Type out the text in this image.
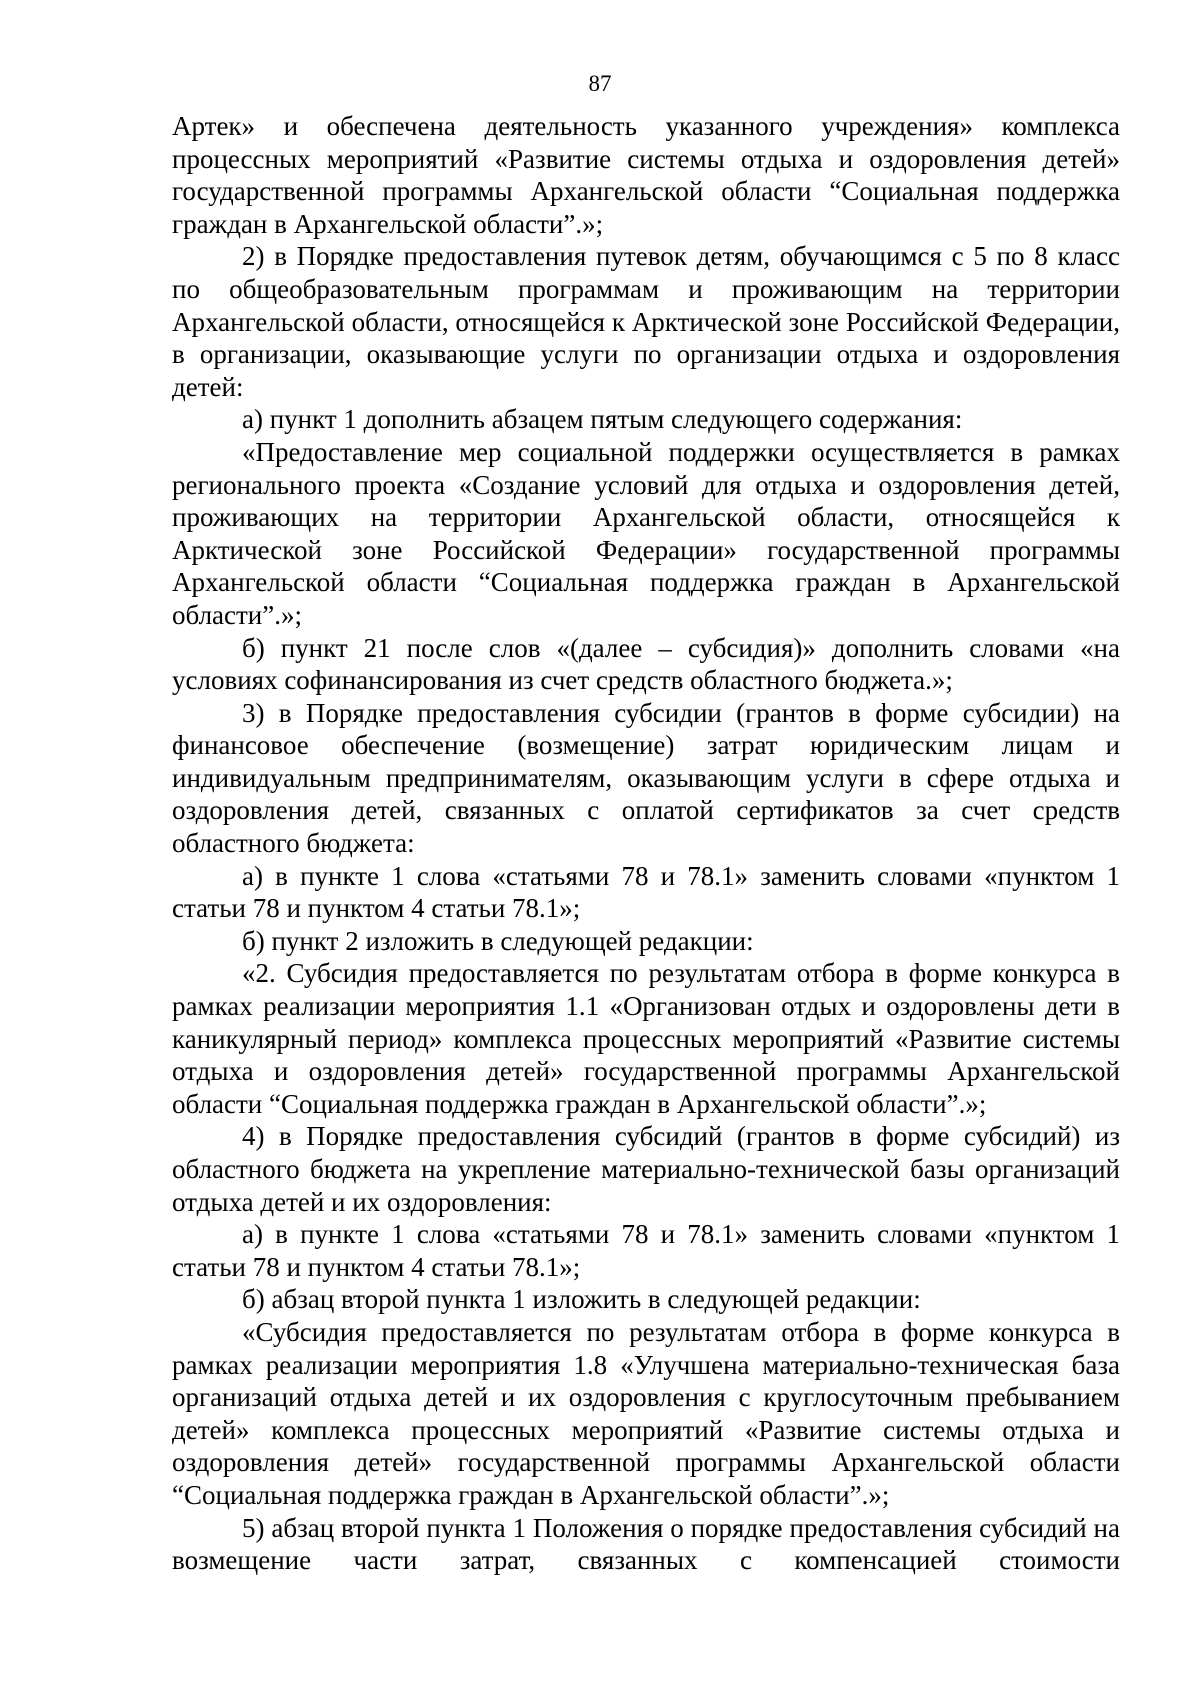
87

Артек» и обеспечена деятельность указанного учреждения» комплекса процессных мероприятий «Развитие системы отдыха и оздоровления детей» государственной программы Архангельской области “Социальная поддержка граждан в Архангельской области”.»;

2) в Порядке предоставления путевок детям, обучающимся с 5 по 8 класс по общеобразовательным программам и проживающим на территории Архангельской области, относящейся к Арктической зоне Российской Федерации, в организации, оказывающие услуги по организации отдыха и оздоровления детей:

а) пункт 1 дополнить абзацем пятым следующего содержания:

«Предоставление мер социальной поддержки осуществляется в рамках регионального проекта «Создание условий для отдыха и оздоровления детей, проживающих на территории Архангельской области, относящейся к Арктической зоне Российской Федерации» государственной программы Архангельской области “Социальная поддержка граждан в Архангельской области”.»;

б) пункт 21 после слов «(далее – субсидия)» дополнить словами «на условиях софинансирования из счет средств областного бюджета.»;

3) в Порядке предоставления субсидии (грантов в форме субсидии) на финансовое обеспечение (возмещение) затрат юридическим лицам и индивидуальным предпринимателям, оказывающим услуги в сфере отдыха и оздоровления детей, связанных с оплатой сертификатов за счет средств областного бюджета:

а) в пункте 1 слова «статьями 78 и 78.1» заменить словами «пунктом 1 статьи 78 и пунктом 4 статьи 78.1»;

б) пункт 2 изложить в следующей редакции:

«2. Субсидия предоставляется по результатам отбора в форме конкурса в рамках реализации мероприятия 1.1 «Организован отдых и оздоровлены дети в каникулярный период» комплекса процессных мероприятий «Развитие системы отдыха и оздоровления детей» государственной программы Архангельской области “Социальная поддержка граждан в Архангельской области”.»;

4) в Порядке предоставления субсидий (грантов в форме субсидий) из областного бюджета на укрепление материально-технической базы организаций отдыха детей и их оздоровления:

а) в пункте 1 слова «статьями 78 и 78.1» заменить словами «пунктом 1 статьи 78 и пунктом 4 статьи 78.1»;

б) абзац второй пункта 1 изложить в следующей редакции:

«Субсидия предоставляется по результатам отбора в форме конкурса в рамках реализации мероприятия 1.8 «Улучшена материально-техническая база организаций отдыха детей и их оздоровления с круглосуточным пребыванием детей» комплекса процессных мероприятий «Развитие системы отдыха и оздоровления детей» государственной программы Архангельской области “Социальная поддержка граждан в Архангельской области”.»;

5) абзац второй пункта 1 Положения о порядке предоставления субсидий на возмещение части затрат, связанных с компенсацией стоимости
